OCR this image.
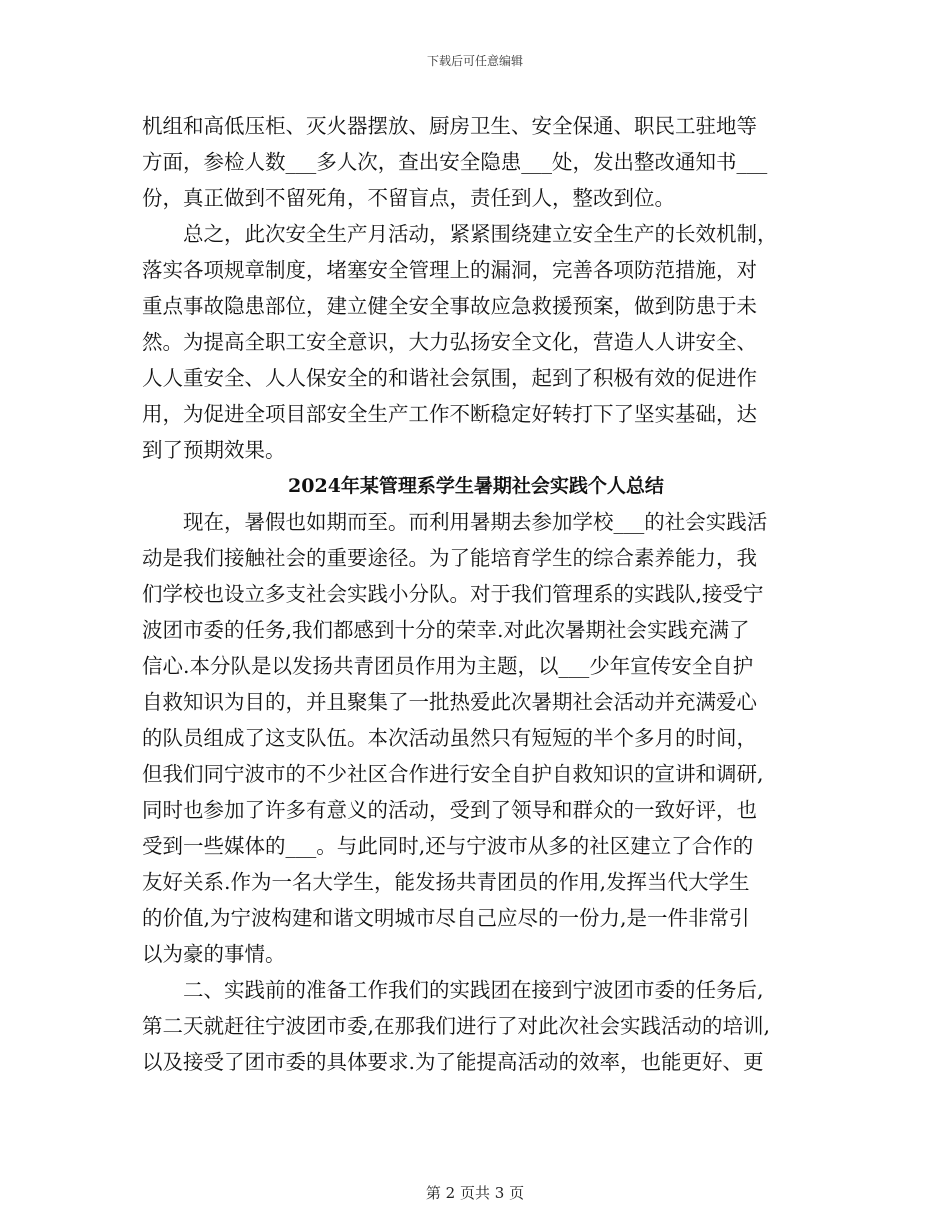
下载后可任意编辑
机组和高低压柜、灭火器摆放、厨房卫生、安全保通、职民工驻地等
方面，参检人数___多人次，查出安全隐患___处，发出整改通知书___
份，真正做到不留死角，不留盲点，责任到人，整改到位。
　　总之，此次安全生产月活动，紧紧围绕建立安全生产的长效机制，
落实各项规章制度，堵塞安全管理上的漏洞，完善各项防范措施，对
重点事故隐患部位，建立健全安全事故应急救援预案，做到防患于未
然。为提高全职工安全意识，大力弘扬安全文化，营造人人讲安全、
人人重安全、人人保安全的和谐社会氛围，起到了积极有效的促进作
用，为促进全项目部安全生产工作不断稳定好转打下了坚实基础，达
到了预期效果。
2024年某管理系学生暑期社会实践个人总结
　　现在，暑假也如期而至。而利用暑期去参加学校___的社会实践活
动是我们接触社会的重要途径。为了能培育学生的综合素养能力，我
们学校也设立多支社会实践小分队。对于我们管理系的实践队,接受宁
波团市委的任务,我们都感到十分的荣幸.对此次暑期社会实践充满了
信心.本分队是以发扬共青团员作用为主题，以___少年宣传安全自护
自救知识为目的，并且聚集了一批热爱此次暑期社会活动并充满爱心
的队员组成了这支队伍。本次活动虽然只有短短的半个多月的时间，
但我们同宁波市的不少社区合作进行安全自护自救知识的宣讲和调研,
同时也参加了许多有意义的活动，受到了领导和群众的一致好评，也
受到一些媒体的___。与此同时,还与宁波市从多的社区建立了合作的
友好关系.作为一名大学生，能发扬共青团员的作用,发挥当代大学生
的价值,为宁波构建和谐文明城市尽自己应尽的一份力,是一件非常引
以为豪的事情。
　　二、实践前的准备工作我们的实践团在接到宁波团市委的任务后,
第二天就赶往宁波团市委,在那我们进行了对此次社会实践活动的培训,
以及接受了团市委的具体要求.为了能提高活动的效率，也能更好、更
第 2 页共 3 页
